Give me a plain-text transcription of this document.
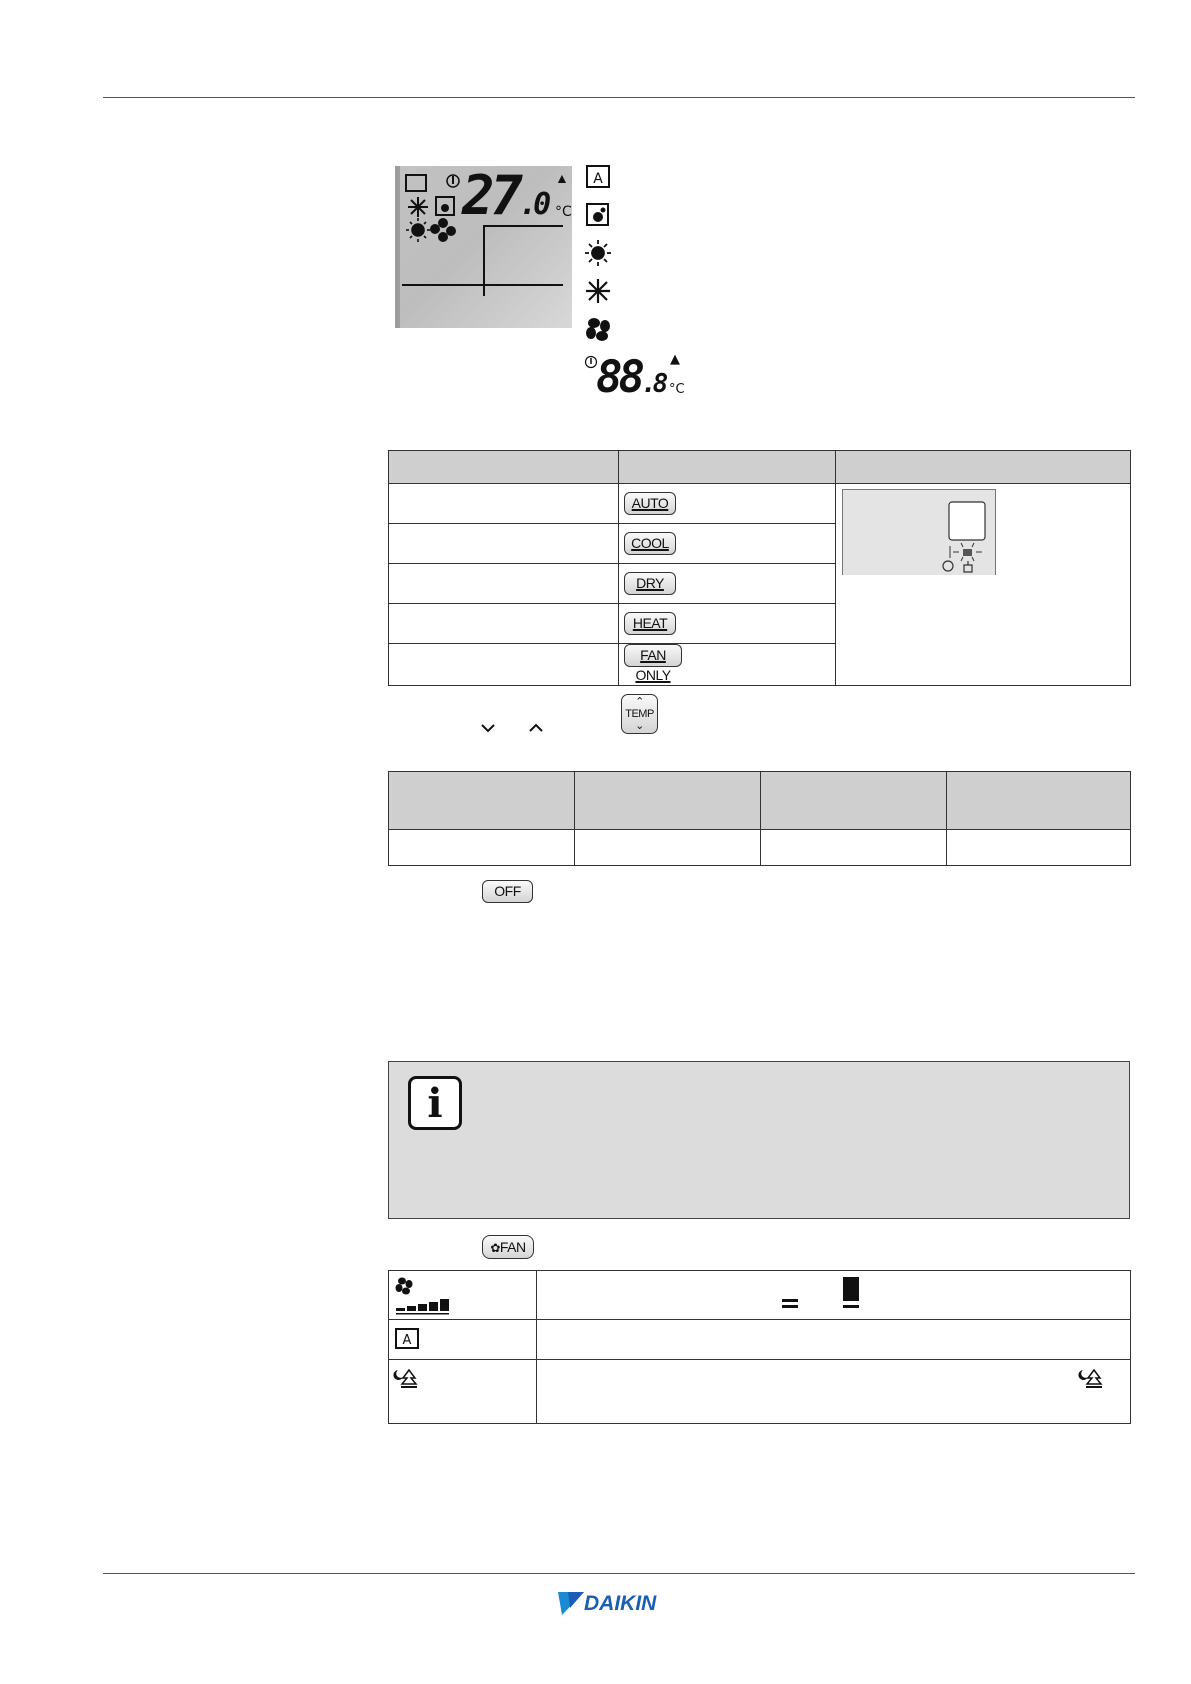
27.0
▲
°C
A
88.8
▲
°C

	AUTO	
	COOL	
	DRY	
	HEAT	
	FAN ONLY	
⌃
TEMP
⌄

OFF
i
✿FAN

A	

DAIKIN
